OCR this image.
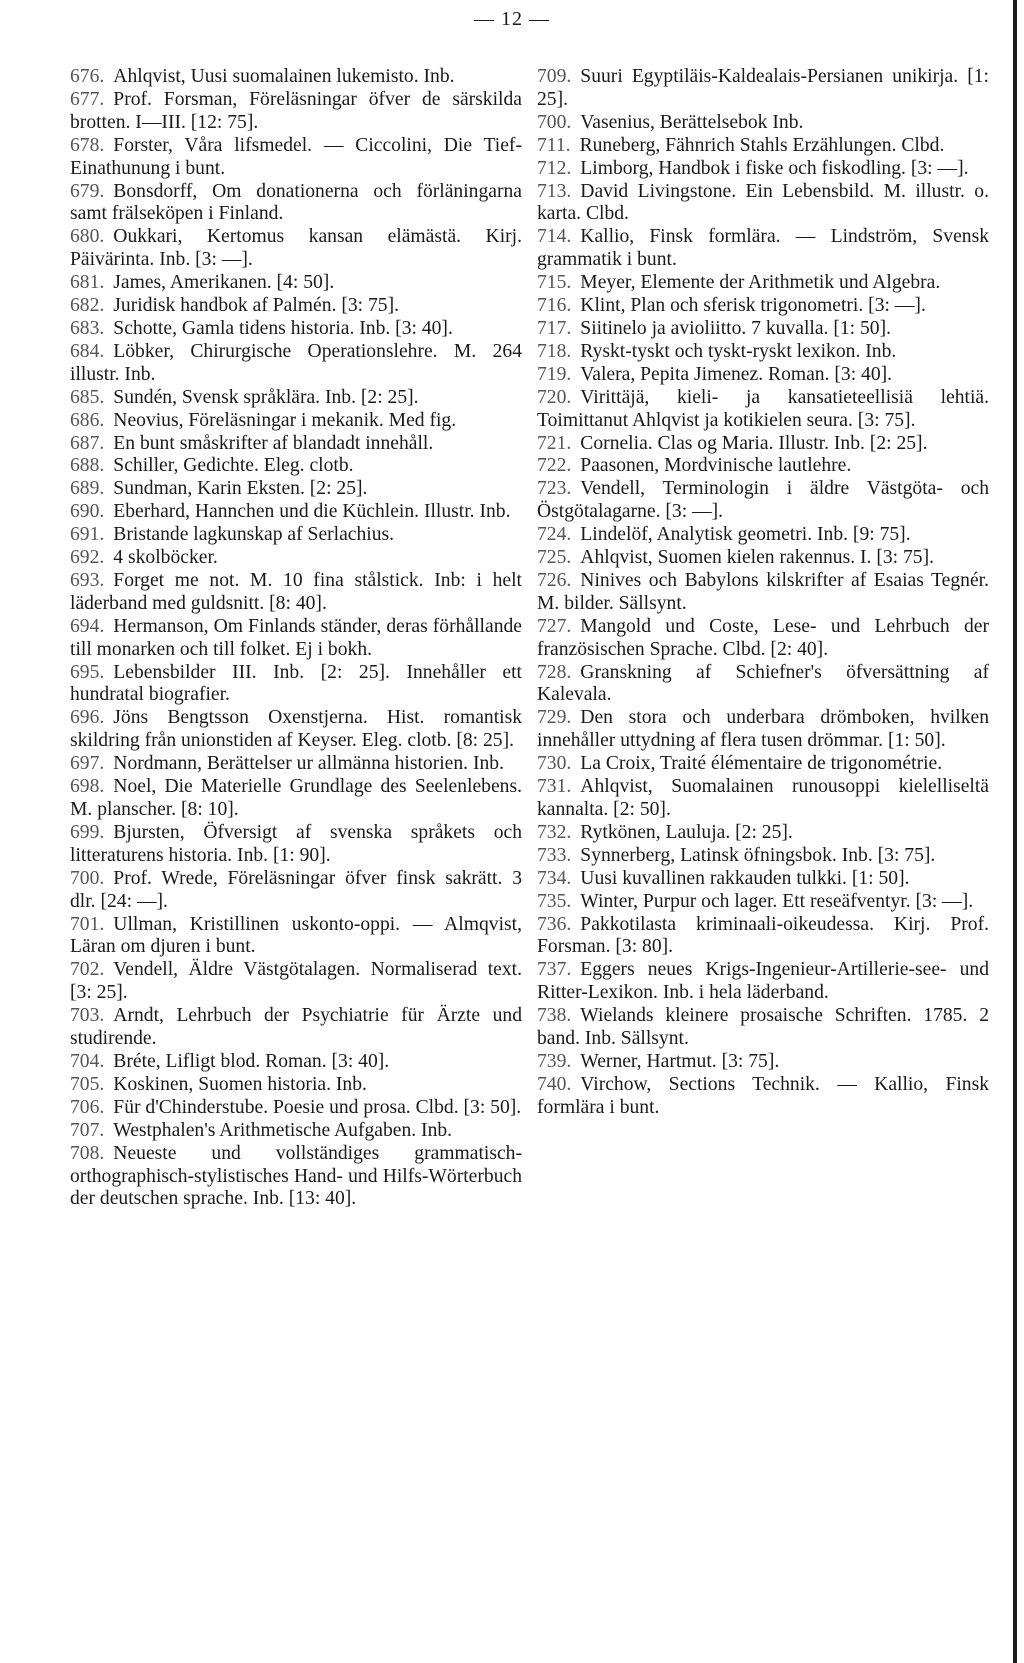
— 12 —

676. Ahlqvist, Uusi suomalainen lukemisto. Inb.

677. Prof. Forsman, Föreläsningar öfver de särskilda brotten. I—III. [12: 75].

678. Forster, Våra lifsmedel. — Ciccolini, Die Tief-Einathunung i bunt.

679. Bonsdorff, Om donationerna och förläningarna samt frälseköpen i Finland.

680. Oukkari, Kertomus kansan elämästä. Kirj. Päivärinta. Inb. [3: —].

681. James, Amerikanen. [4: 50].

682. Juridisk handbok af Palmén. [3: 75].

683. Schotte, Gamla tidens historia. Inb. [3: 40].

684. Löbker, Chirurgische Operationslehre. M. 264 illustr. Inb.

685. Sundén, Svensk språklära. Inb. [2: 25].

686. Neovius, Föreläsningar i mekanik. Med fig.

687. En bunt småskrifter af blandadt innehåll.

688. Schiller, Gedichte. Eleg. clotb.

689. Sundman, Karin Eksten. [2: 25].

690. Eberhard, Hannchen und die Küchlein. Illustr. Inb.

691. Bristande lagkunskap af Serlachius.

692. 4 skolböcker.

693. Forget me not. M. 10 fina stålstick. Inb: i helt läderband med guldsnitt. [8: 40].

694. Hermanson, Om Finlands ständer, deras förhållande till monarken och till folket. Ej i bokh.

695. Lebensbilder III. Inb. [2: 25]. Innehåller ett hundratal biografier.

696. Jöns Bengtsson Oxenstjerna. Hist. romantisk skildring från unionstiden af Keyser. Eleg. clotb. [8: 25].

697. Nordmann, Berättelser ur allmänna historien. Inb.

698. Noel, Die Materielle Grundlage des Seelenlebens. M. planscher. [8: 10].

699. Bjursten, Öfversigt af svenska språkets och litteraturens historia. Inb. [1: 90].

700. Prof. Wrede, Föreläsningar öfver finsk sakrätt. 3 dlr. [24: —].

701. Ullman, Kristillinen uskonto-oppi. — Almqvist, Läran om djuren i bunt.

702. Vendell, Äldre Västgötalagen. Normaliserad text. [3: 25].

703. Arndt, Lehrbuch der Psychiatrie für Ärzte und studirende.

704. Bréte, Lifligt blod. Roman. [3: 40].

705. Koskinen, Suomen historia. Inb.

706. Für d'Chinderstube. Poesie und prosa. Clbd. [3: 50].

707. Westphalen's Arithmetische Aufgaben. Inb.

708. Neueste und vollständiges grammatisch-orthographisch-stylistisches Hand- und Hilfs-Wörterbuch der deutschen sprache. Inb. [13: 40].

709. Suuri Egyptiläis-Kaldealais-Persianen unikirja. [1: 25].

700. Vasenius, Berättelsebok Inb.

711. Runeberg, Fähnrich Stahls Erzählungen. Clbd.

712. Limborg, Handbok i fiske och fiskodling. [3: —].

713. David Livingstone. Ein Lebensbild. M. illustr. o. karta. Clbd.

714. Kallio, Finsk formlära. — Lindström, Svensk grammatik i bunt.

715. Meyer, Elemente der Arithmetik und Algebra.

716. Klint, Plan och sferisk trigonometri. [3: —].

717. Siitinelo ja avioliitto. 7 kuvalla. [1: 50].

718. Ryskt-tyskt och tyskt-ryskt lexikon. Inb.

719. Valera, Pepita Jimenez. Roman. [3: 40].

720. Virittäjä, kieli- ja kansatieteellisiä lehtiä. Toimittanut Ahlqvist ja kotikielen seura. [3: 75].

721. Cornelia. Clas og Maria. Illustr. Inb. [2: 25].

722. Paasonen, Mordvinische lautlehre.

723. Vendell, Terminologin i äldre Västgöta- och Östgötalagarne. [3: —].

724. Lindelöf, Analytisk geometri. Inb. [9: 75].

725. Ahlqvist, Suomen kielen rakennus. I. [3: 75].

726. Ninives och Babylons kilskrifter af Esaias Tegnér. M. bilder. Sällsynt.

727. Mangold und Coste, Lese- und Lehrbuch der französischen Sprache. Clbd. [2: 40].

728. Granskning af Schiefner's öfversättning af Kalevala.

729. Den stora och underbara drömboken, hvilken innehåller uttydning af flera tusen drömmar. [1: 50].

730. La Croix, Traité élémentaire de trigonométrie.

731. Ahlqvist, Suomalainen runousoppi kielelliseltä kannalta. [2: 50].

732. Rytkönen, Lauluja. [2: 25].

733. Synnerberg, Latinsk öfningsbok. Inb. [3: 75].

734. Uusi kuvallinen rakkauden tulkki. [1: 50].

735. Winter, Purpur och lager. Ett reseäfventyr. [3: —].

736. Pakkotilasta kriminaali-oikeudessa. Kirj. Prof. Forsman. [3: 80].

737. Eggers neues Krigs-Ingenieur-Artillerie-see- und Ritter-Lexikon. Inb. i hela läderband.

738. Wielands kleinere prosaische Schriften. 1785. 2 band. Inb. Sällsynt.

739. Werner, Hartmut. [3: 75].

740. Virchow, Sections Technik. — Kallio, Finsk formlära i bunt.
